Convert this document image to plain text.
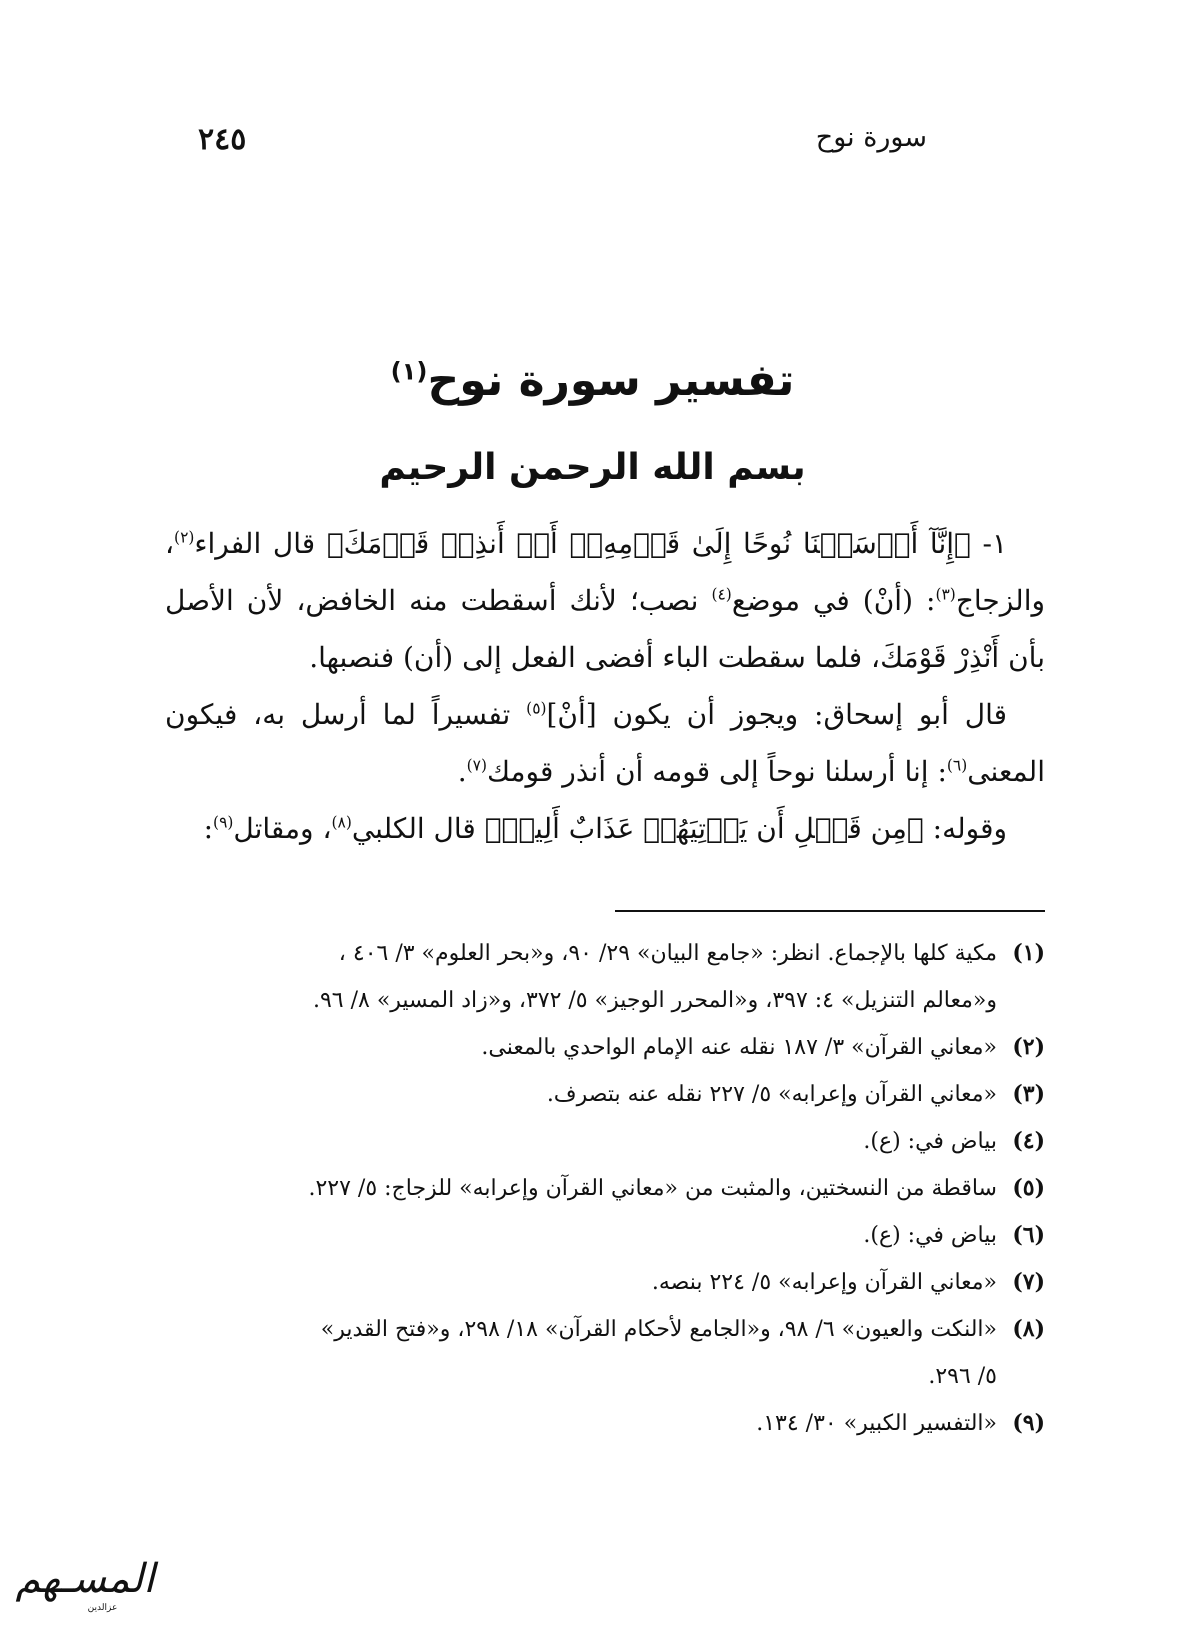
سورة نوح
٢٤٥
تفسير سورة نوح$^{(١)}$
بسم الله الرحمن الرحيم

١- ﴿إِنَّآ أَرۡسَلۡنَا نُوحًا إِلَىٰ قَوۡمِهِۦٓ أَنۡ أَنذِرۡ قَوۡمَكَ﴾ قال الفراء$^{(٢)}$، والزجاج$^{(٣)}$: (أنْ) في موضع$^{(٤)}$ نصب؛ لأنك أسقطت منه الخافض، لأن الأصل بأن أَنْذِرْ قَوْمَكَ، فلما سقطت الباء أفضى الفعل إلى (أن) فنصبها.

قال أبو إسحاق: ويجوز أن يكون [أنْ]$^{(٥)}$ تفسيراً لما أرسل به، فيكون المعنى$^{(٦)}$: إنا أرسلنا نوحاً إلى قومه أن أنذر قومك$^{(٧)}$.

وقوله: ﴿مِن قَبۡلِ أَن يَأۡتِيَهُمۡ عَذَابٌ أَلِيمٞ﴾ قال الكلبي$^{(٨)}$، ومقاتل$^{(٩)}$:

(١)
مكية كلها بالإجماع. انظر: «جامع البيان» ٢٩/ ٩٠، و«بحر العلوم» ٣/ ٤٠٦ ،
و«معالم التنزيل» ٤: ٣٩٧، و«المحرر الوجيز» ٥/ ٣٧٢، و«زاد المسير» ٨/ ٩٦.
(٢)
«معاني القرآن» ٣/ ١٨٧ نقله عنه الإمام الواحدي بالمعنى.
(٣)
«معاني القرآن وإعرابه» ٥/ ٢٢٧ نقله عنه بتصرف.
(٤)
بياض في: (ع).
(٥)
ساقطة من النسختين، والمثبت من «معاني القرآن وإعرابه» للزجاج: ٥/ ٢٢٧.
(٦)
بياض في: (ع).
(٧)
«معاني القرآن وإعرابه» ٥/ ٢٢٤ بنصه.
(٨)
«النكت والعيون» ٦/ ٩٨، و«الجامع لأحكام القرآن» ١٨/ ٢٩٨، و«فتح القدير»
٥/ ٢٩٦.
(٩)
«التفسير الكبير» ٣٠/ ١٣٤.
المسـهم
عزالدين
